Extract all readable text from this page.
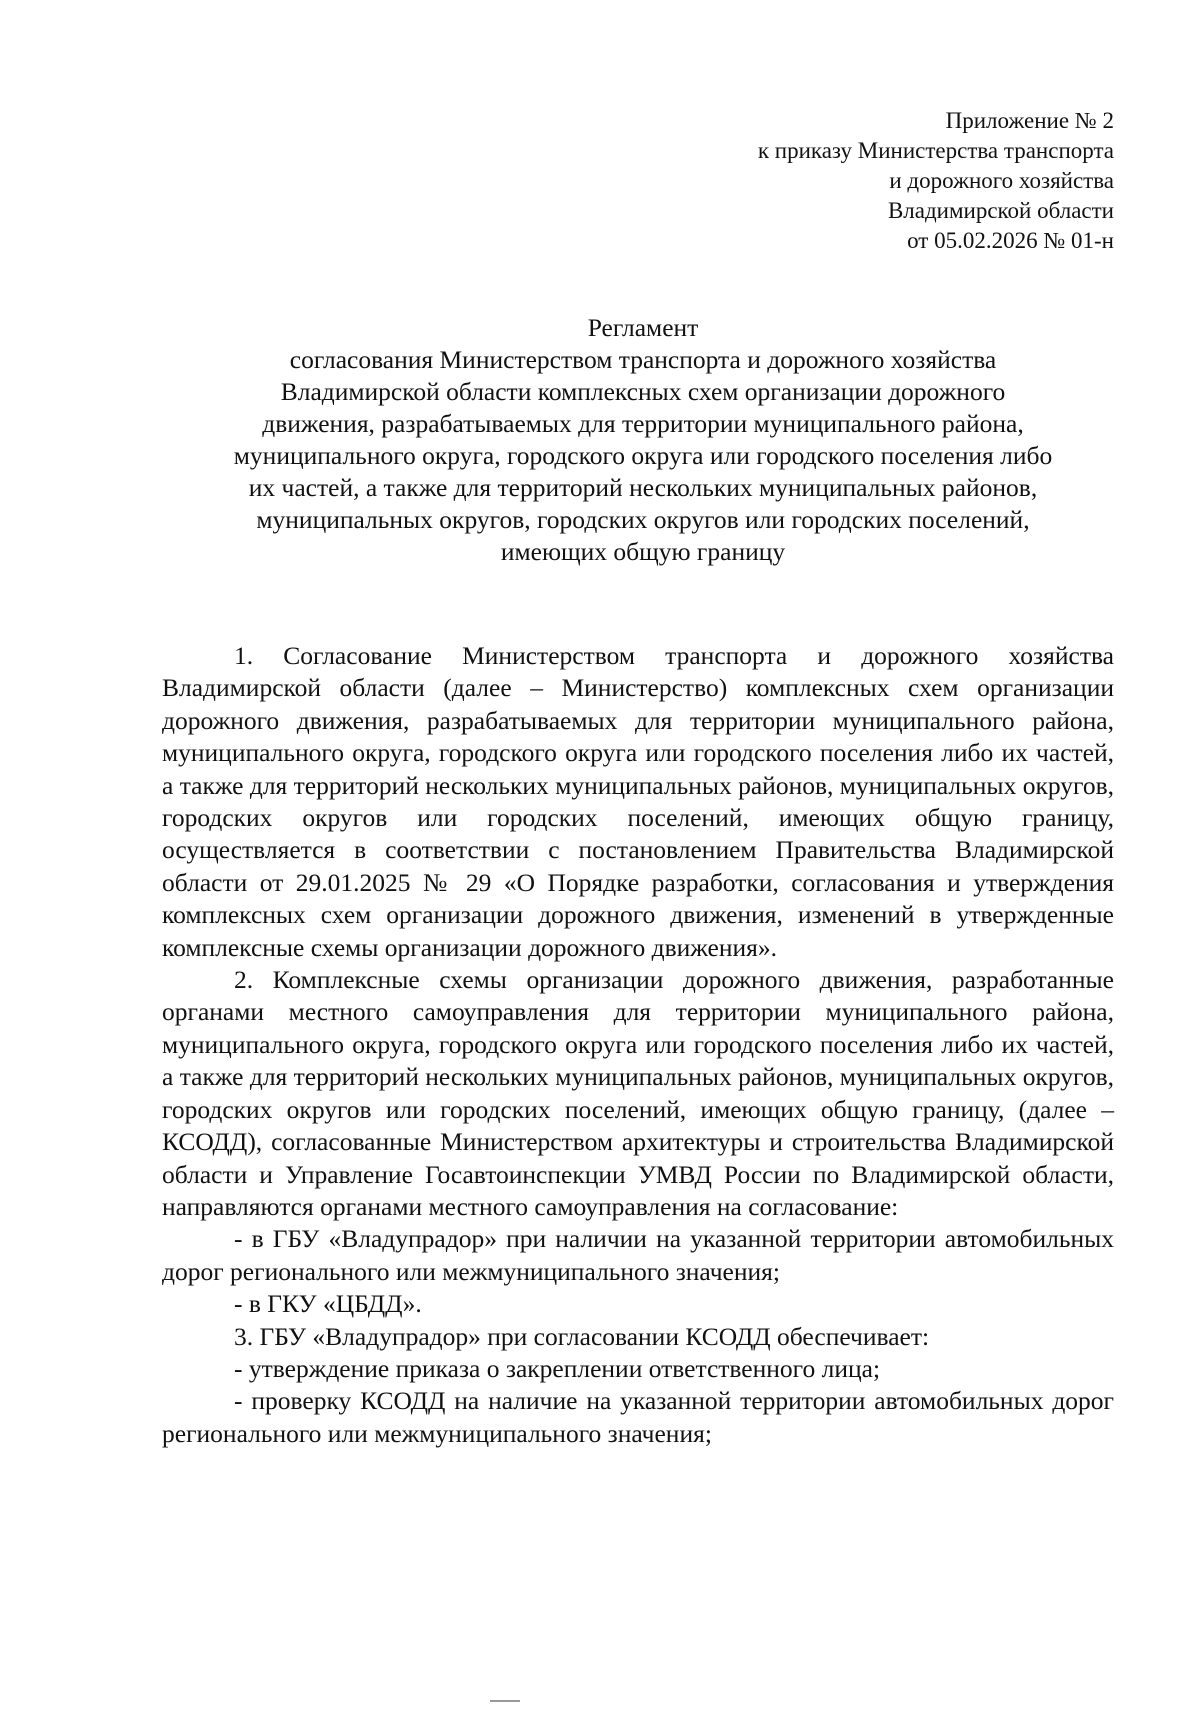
Приложение № 2
к приказу Министерства транспорта
и дорожного хозяйства
Владимирской области
от 05.02.2026 № 01-н
Регламент
согласования Министерством транспорта и дорожного хозяйства
Владимирской области комплексных схем организации дорожного
движения, разрабатываемых для территории муниципального района,
муниципального округа, городского округа или городского поселения либо
их частей, а также для территорий нескольких муниципальных районов,
муниципальных округов, городских округов или городских поселений,
имеющих общую границу

1. Согласование Министерством транспорта и дорожного хозяйства Владимирской области (далее – Министерство) комплексных схем организации дорожного движения, разрабатываемых для территории муниципального района, муниципального округа, городского округа или городского поселения либо их частей, а также для территорий нескольких муниципальных районов, муниципальных округов, городских округов или городских поселений, имеющих общую границу, осуществляется в соответствии с постановлением Правительства Владимирской области от 29.01.2025 № 29 «О Порядке разработки, согласования и утверждения комплексных схем организации дорожного движения, изменений в утвержденные комплексные схемы организации дорожного движения».

2. Комплексные схемы организации дорожного движения, разработанные органами местного самоуправления для территории муниципального района, муниципального округа, городского округа или городского поселения либо их частей, а также для территорий нескольких муниципальных районов, муниципальных округов, городских округов или городских поселений, имеющих общую границу, (далее – КСОДД), согласованные Министерством архитектуры и строительства Владимирской области и Управление Госавтоинспекции УМВД России по Владимирской области, направляются органами местного самоуправления на согласование:

- в ГБУ «Владупрадор» при наличии на указанной территории автомобильных дорог регионального или межмуниципального значения;

- в ГКУ «ЦБДД».

3. ГБУ «Владупрадор» при согласовании КСОДД обеспечивает:

- утверждение приказа о закреплении ответственного лица;

- проверку КСОДД на наличие на указанной территории автомобильных дорог регионального или межмуниципального значения;
